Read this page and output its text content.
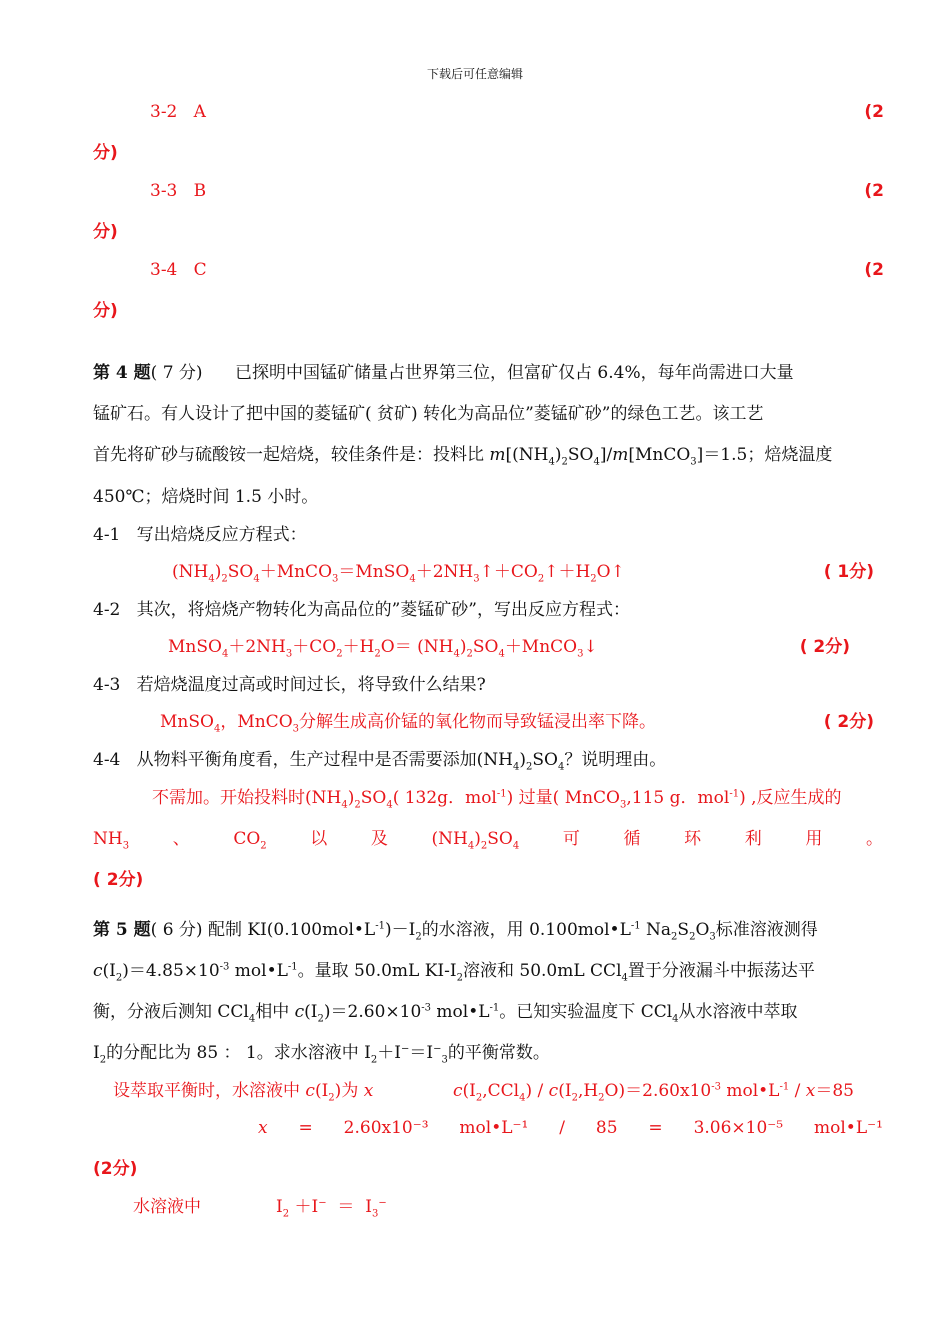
下载后可任意编辑
3-2 A	(2
分)
3-3 B	(2
分)
3-4 C	(2
分)
第 4 题( 7 分) 已探明中国锰矿储量占世界第三位，但富矿仅占 6.4%，每年尚需进口大量
锰矿石。有人设计了把中国的菱锰矿( 贫矿) 转化为高品位”菱锰矿砂”的绿色工艺。该工艺
首先将矿砂与硫酸铵一起焙烧，较佳条件是：投料比 $m[(NH_4)_2SO_4]/m[MnCO_3]=1.5$；焙烧温度
450℃；焙烧时间 1.5 小时。
4-1 写出焙烧反应方程式：
$(NH_4)_2SO_4+MnCO_3=MnSO_4+2NH_3↑+CO_2↑+H_2O↑$	( 1分)
4-2 其次，将焙烧产物转化为高品位的”菱锰矿砂”，写出反应方程式：
$MnSO_4+2NH_3+CO_2+H_2O=$ $(NH_4)_2SO_4+MnCO_3↓$	( 2分)
4-3 若焙烧温度过高或时间过长，将导致什么结果?
MnSO$_4$，MnCO$_3$分解生成高价锰的氧化物而导致锰浸出率下降。	( 2分)
4-4 从物料平衡角度看，生产过程中是否需要添加$(NH_4)_2SO_4$？说明理由。
不需加。开始投料时$(NH_4)_2SO_4$( 132g．mol$^{-1}$) 过量( MnCO$_3$,115 g．mol$^{-1}$) ,反应生成的
$NH_3$	、	$CO_2$	以	及	$(NH_4)_2SO_4$	可	循	环	利	用	。
( 2分)
第 5 题( 6 分) 配制 $KI(0.100mol•L^{-1})-I_2$的水溶液，用 $0.100mol•L^{-1}$ $Na_2S_2O_3$标准溶液测得
$c(I_2)=4.85\times 10^{-3}$ $mol•L^{-1}$。量取 50.0mL $KI-I_2$溶液和 50.0mL CCl$_4$置于分液漏斗中振荡达平
衡，分液后测知 CCl$_4$相中 $c(I_2)=2.60\times 10^{-3}$ $mol•L^{-1}$。已知实验温度下 CCl$_4$从水溶液中萃取
$I_2$的分配比为 85 ： 1。求水溶液中 $I_2+I^-=I^-_3$的平衡常数。
设萃取平衡时，水溶液中 $c(I_2)$为 x	$c(I_2,CCl_4) / c(I_2,H_2O)=2.60x10^{-3}$ $mol•L^{-1} / x=85$
x = 2.60x10⁻³ mol•L⁻¹ / 85 = 3.06×10⁻⁵ mol•L⁻¹
(2分)
水溶液中	$I_2 +I^- = I_3^-$
